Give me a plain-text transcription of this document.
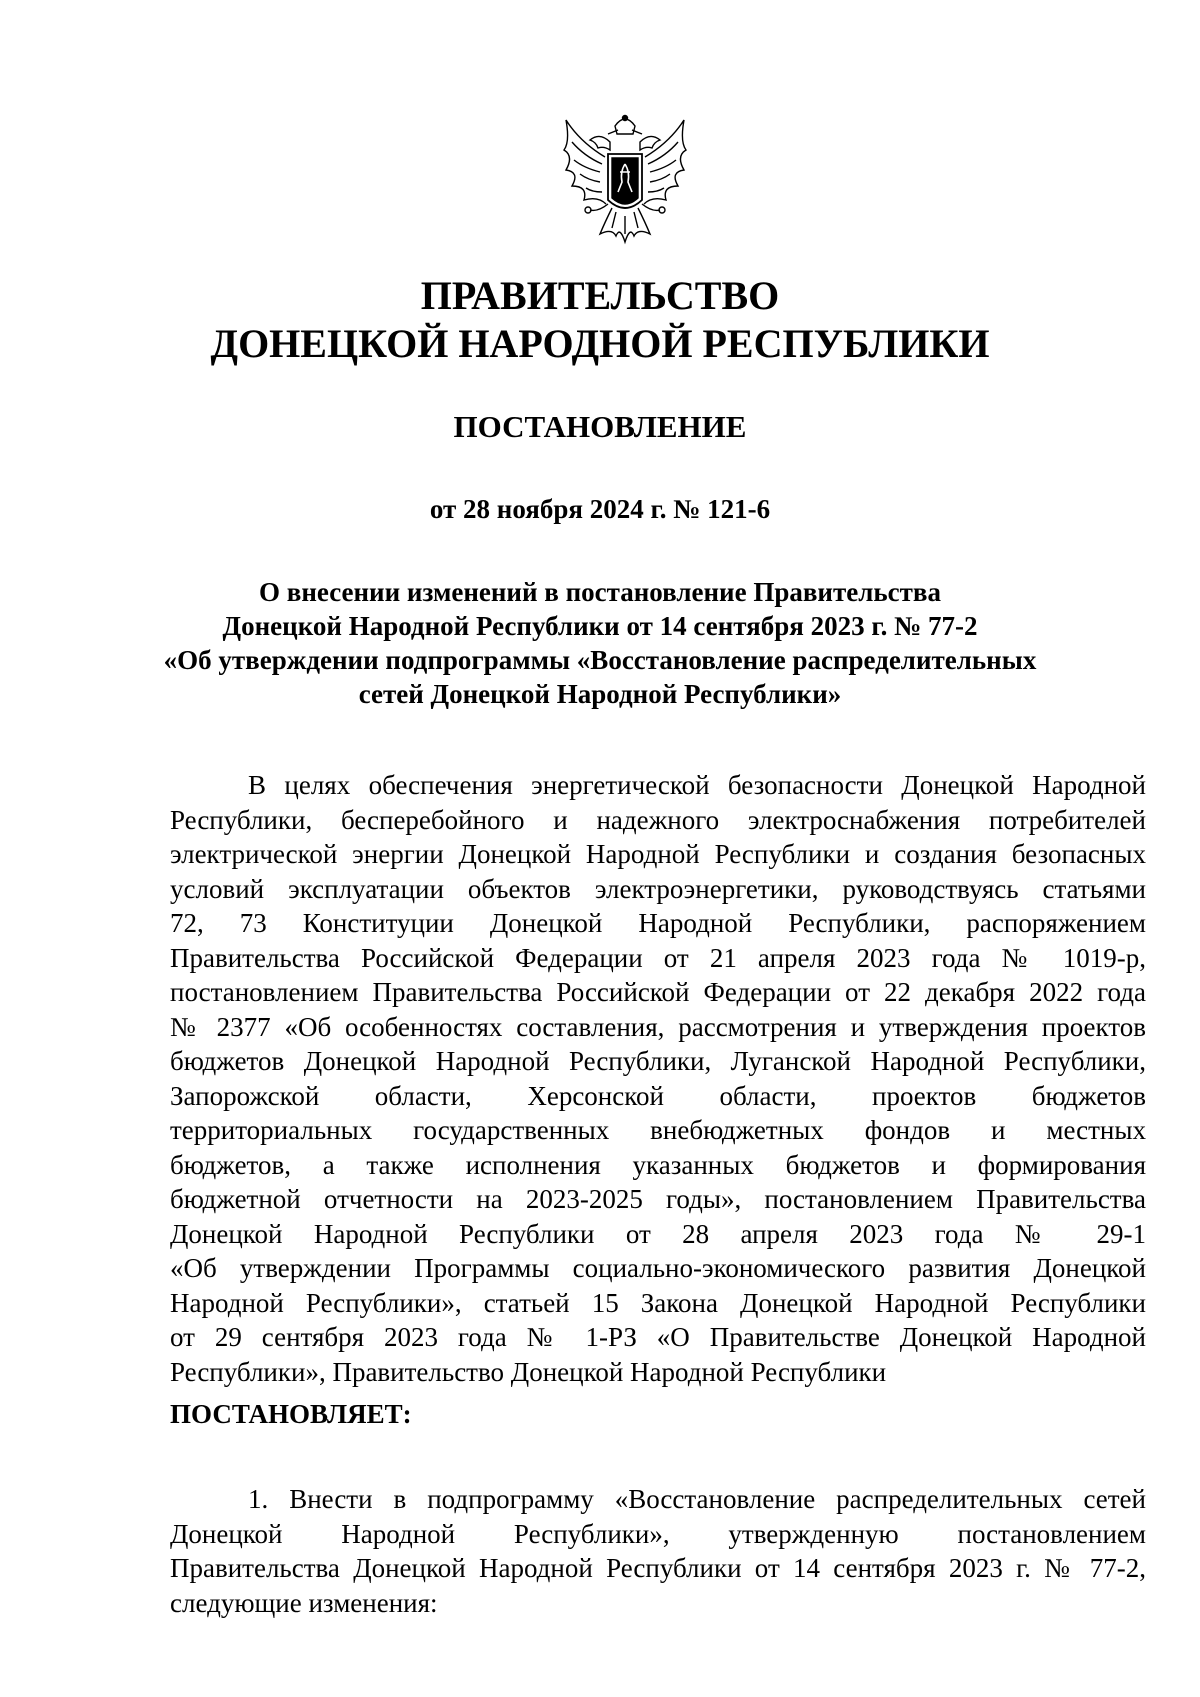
ПРАВИТЕЛЬСТВО
ДОНЕЦКОЙ НАРОДНОЙ РЕСПУБЛИКИ
ПОСТАНОВЛЕНИЕ
от 28 ноября 2024 г. № 121-6
О внесении изменений в постановление Правительства
Донецкой Народной Республики от 14 сентября 2023 г. № 77-2
«Об утверждении подпрограммы «Восстановление распределительных
сетей Донецкой Народной Республики»
В целях обеспечения энергетической безопасности Донецкой Народной
Республики, бесперебойного и надежного электроснабжения потребителей
электрической энергии Донецкой Народной Республики и создания безопасных
условий эксплуатации объектов электроэнергетики, руководствуясь статьями
72, 73 Конституции Донецкой Народной Республики, распоряжением
Правительства Российской Федерации от 21 апреля 2023 года № 1019-р,
постановлением Правительства Российской Федерации от 22 декабря 2022 года
№ 2377 «Об особенностях составления, рассмотрения и утверждения проектов
бюджетов Донецкой Народной Республики, Луганской Народной Республики,
Запорожской области, Херсонской области, проектов бюджетов
территориальных государственных внебюджетных фондов и местных
бюджетов, а также исполнения указанных бюджетов и формирования
бюджетной отчетности на 2023-2025 годы», постановлением Правительства
Донецкой Народной Республики от 28 апреля 2023 года № 29-1
«Об утверждении Программы социально-экономического развития Донецкой
Народной Республики», статьей 15 Закона Донецкой Народной Республики
от 29 сентября 2023 года № 1-РЗ «О Правительстве Донецкой Народной
Республики», Правительство Донецкой Народной Республики
ПОСТАНОВЛЯЕТ:
1. Внести в подпрограмму «Восстановление распределительных сетей
Донецкой Народной Республики», утвержденную постановлением
Правительства Донецкой Народной Республики от 14 сентября 2023 г. № 77-2,
следующие изменения:
